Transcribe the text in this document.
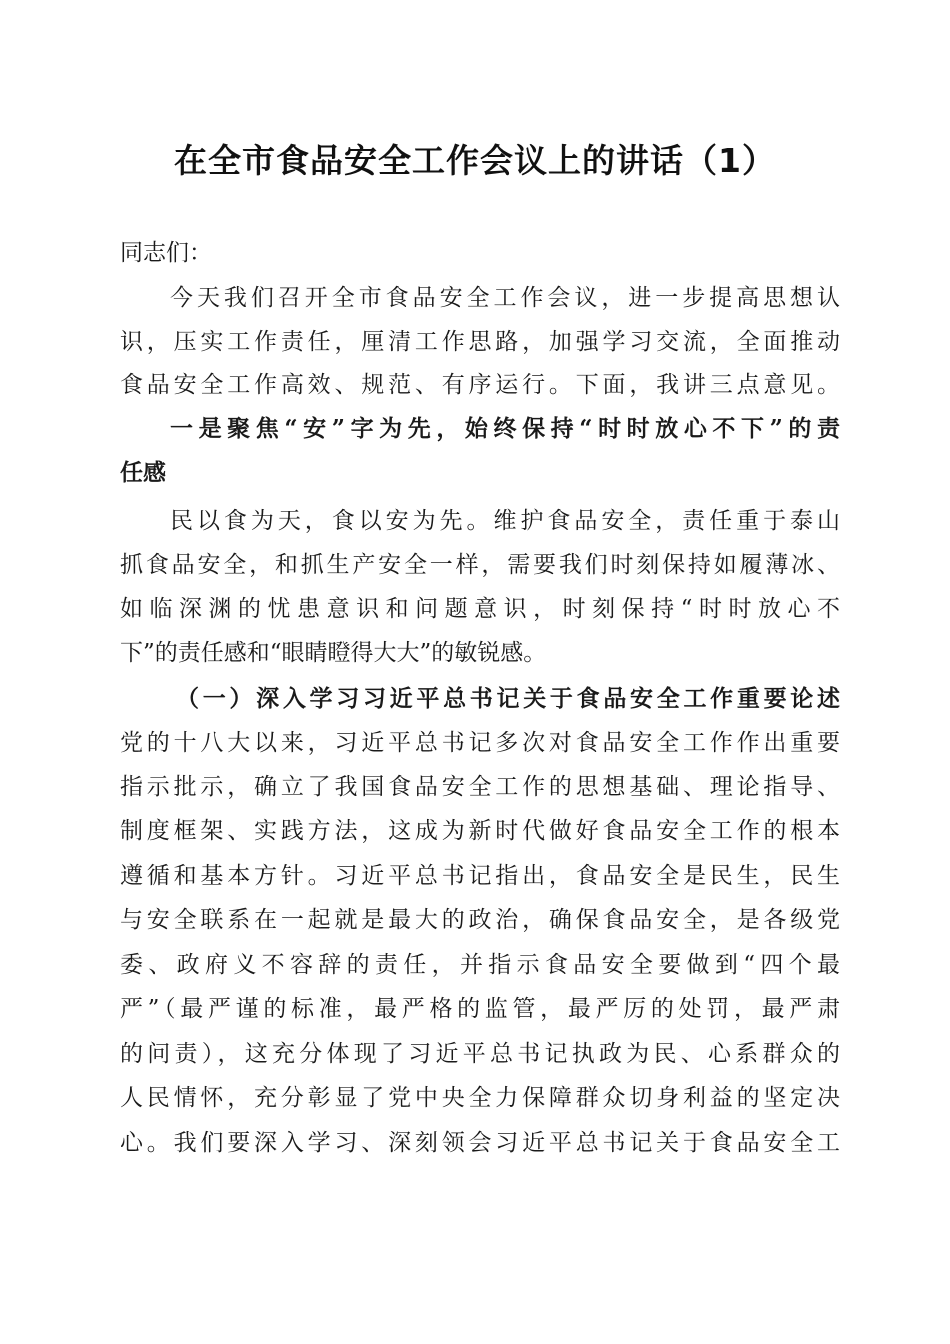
在全市食品安全工作会议上的讲话（1）

同志们：

今天我们召开全市食品安全工作会议，进一步提高思想认

识，压实工作责任，厘清工作思路，加强学习交流，全面推动

食品安全工作高效、规范、有序运行。下面，我讲三点意见。

一是聚焦“安”字为先，始终保持“时时放心不下”的责

任感

民以食为天，食以安为先。维护食品安全，责任重于泰山

抓食品安全，和抓生产安全一样，需要我们时刻保持如履薄冰、

如临深渊的忧患意识和问题意识，时刻保持“时时放心不

下”的责任感和“眼睛瞪得大大”的敏锐感。

（一）深入学习习近平总书记关于食品安全工作重要论述

党的十八大以来，习近平总书记多次对食品安全工作作出重要

指示批示，确立了我国食品安全工作的思想基础、理论指导、

制度框架、实践方法，这成为新时代做好食品安全工作的根本

遵循和基本方针。习近平总书记指出，食品安全是民生，民生

与安全联系在一起就是最大的政治，确保食品安全，是各级党

委、政府义不容辞的责任，并指示食品安全要做到“四个最

严”（最严谨的标准，最严格的监管，最严厉的处罚，最严肃

的问责），这充分体现了习近平总书记执政为民、心系群众的

人民情怀，充分彰显了党中央全力保障群众切身利益的坚定决

心。我们要深入学习、深刻领会习近平总书记关于食品安全工
